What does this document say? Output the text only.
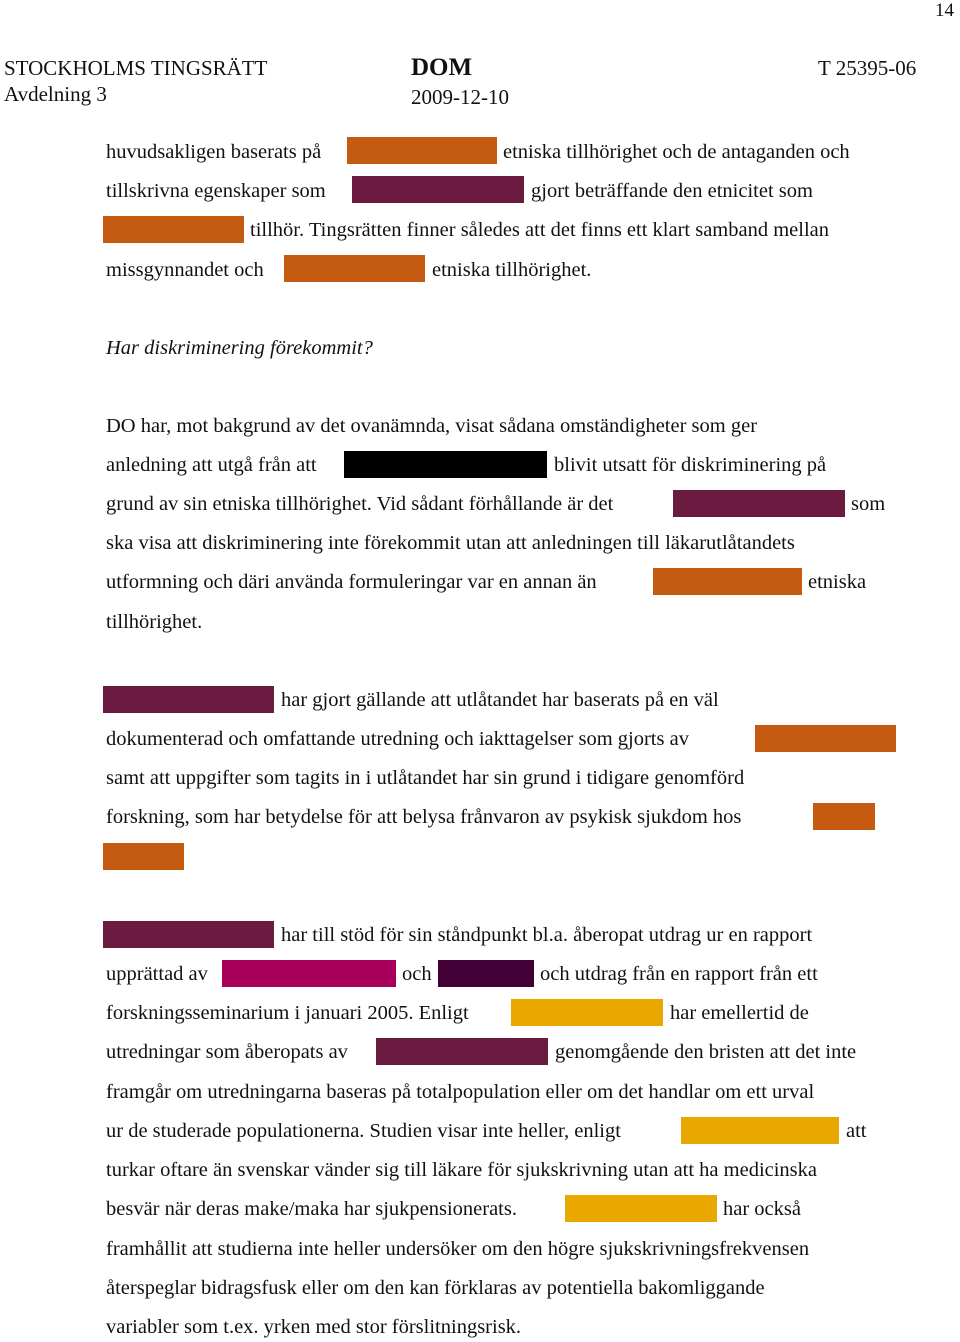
14
STOCKHOLMS TINGSRÄTT
Avdelning 3
DOM
2009-12-10
T 25395-06
huvudsakligen baserats på	etniska tillhörighet och de antaganden och
tillskrivna egenskaper som	gjort beträffande den etnicitet som
tillhör. Tingsrätten finner således att det finns ett klart samband mellan
missgynnandet och	etniska tillhörighet.
Har diskriminering förekommit?
DO har, mot bakgrund av det ovanämnda, visat sådana omständigheter som ger
anledning att utgå från att	blivit utsatt för diskriminering på
grund av sin etniska tillhörighet. Vid sådant förhållande är det	som
ska visa att diskriminering inte förekommit utan att anledningen till läkarutlåtandets
utformning och däri använda formuleringar var en annan än	etniska
tillhörighet.
har gjort gällande att utlåtandet har baserats på en väl
dokumenterad och omfattande utredning och iakttagelser som gjorts av
samt att uppgifter som tagits in i utlåtandet har sin grund i tidigare genomförd
forskning, som har betydelse för att belysa frånvaron av psykisk sjukdom hos
har till stöd för sin ståndpunkt bl.a. åberopat utdrag ur en rapport
upprättad av	och	och utdrag från en rapport från ett
forskningsseminarium i januari 2005. Enligt	har emellertid de
utredningar som åberopats av	genomgående den bristen att det inte
framgår om utredningarna baseras på totalpopulation eller om det handlar om ett urval
ur de studerade populationerna. Studien visar inte heller, enligt	att
turkar oftare än svenskar vänder sig till läkare för sjukskrivning utan att ha medicinska
besvär när deras make/maka har sjukpensionerats.	har också
framhållit att studierna inte heller undersöker om den högre sjukskrivningsfrekvensen
återspeglar bidragsfusk eller om den kan förklaras av potentiella bakomliggande
variabler som t.ex. yrken med stor förslitningsrisk.
